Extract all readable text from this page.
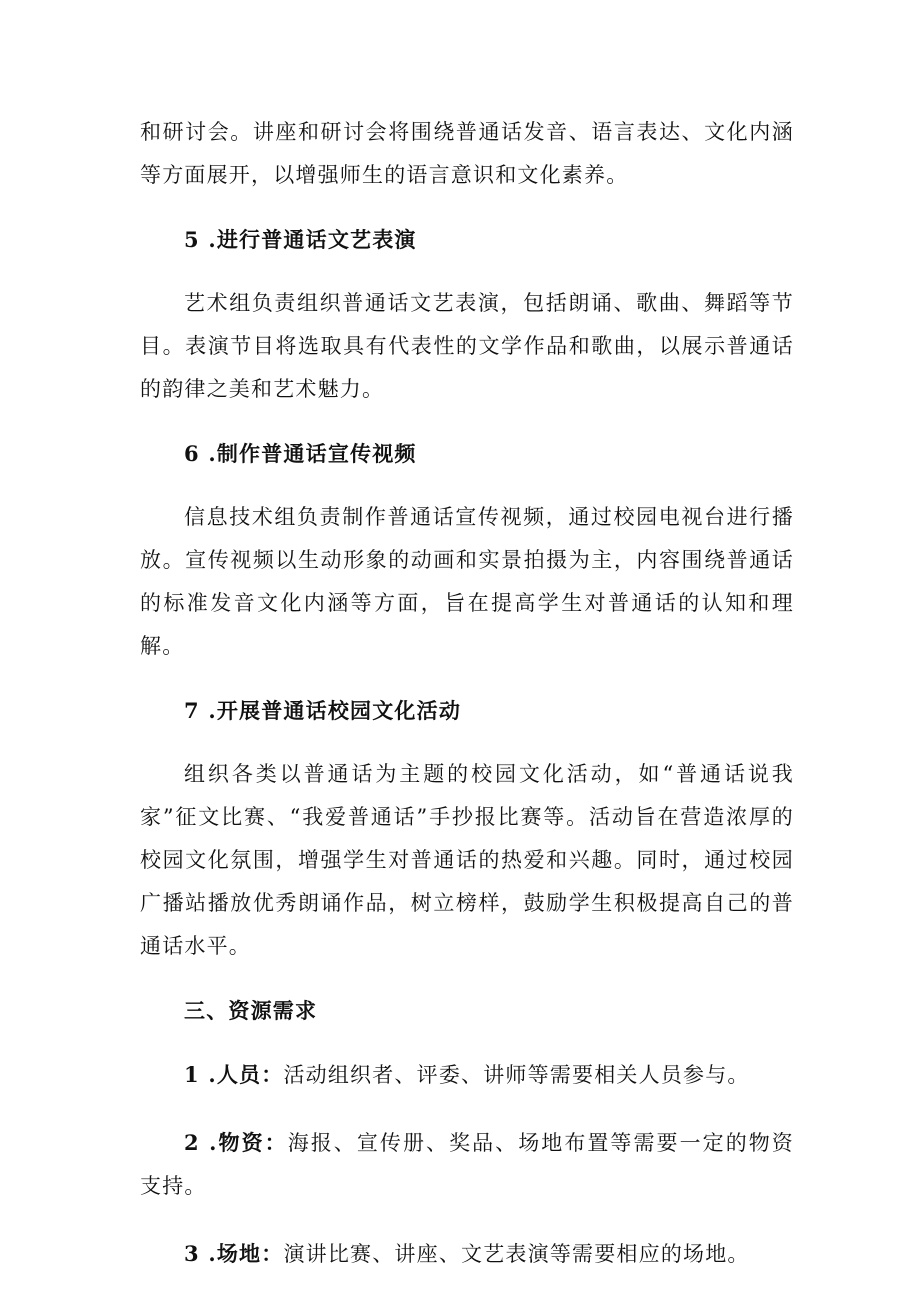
和研讨会。讲座和研讨会将围绕普通话发音、语言表达、文化内涵等方面展开，以增强师生的语言意识和文化素养。

5 .进行普通话文艺表演

艺术组负责组织普通话文艺表演，包括朗诵、歌曲、舞蹈等节目。表演节目将选取具有代表性的文学作品和歌曲，以展示普通话的韵律之美和艺术魅力。

6 .制作普通话宣传视频

信息技术组负责制作普通话宣传视频，通过校园电视台进行播放。宣传视频以生动形象的动画和实景拍摄为主，内容围绕普通话的标准发音文化内涵等方面，旨在提高学生对普通话的认知和理解。

7 .开展普通话校园文化活动

组织各类以普通话为主题的校园文化活动，如“普通话说我家”征文比赛、“我爱普通话”手抄报比赛等。活动旨在营造浓厚的校园文化氛围，增强学生对普通话的热爱和兴趣。同时，通过校园广播站播放优秀朗诵作品，树立榜样，鼓励学生积极提高自己的普通话水平。

三、资源需求

1 .人员：活动组织者、评委、讲师等需要相关人员参与。

2 .物资：海报、宣传册、奖品、场地布置等需要一定的物资支持。

3 .场地：演讲比赛、讲座、文艺表演等需要相应的场地。
